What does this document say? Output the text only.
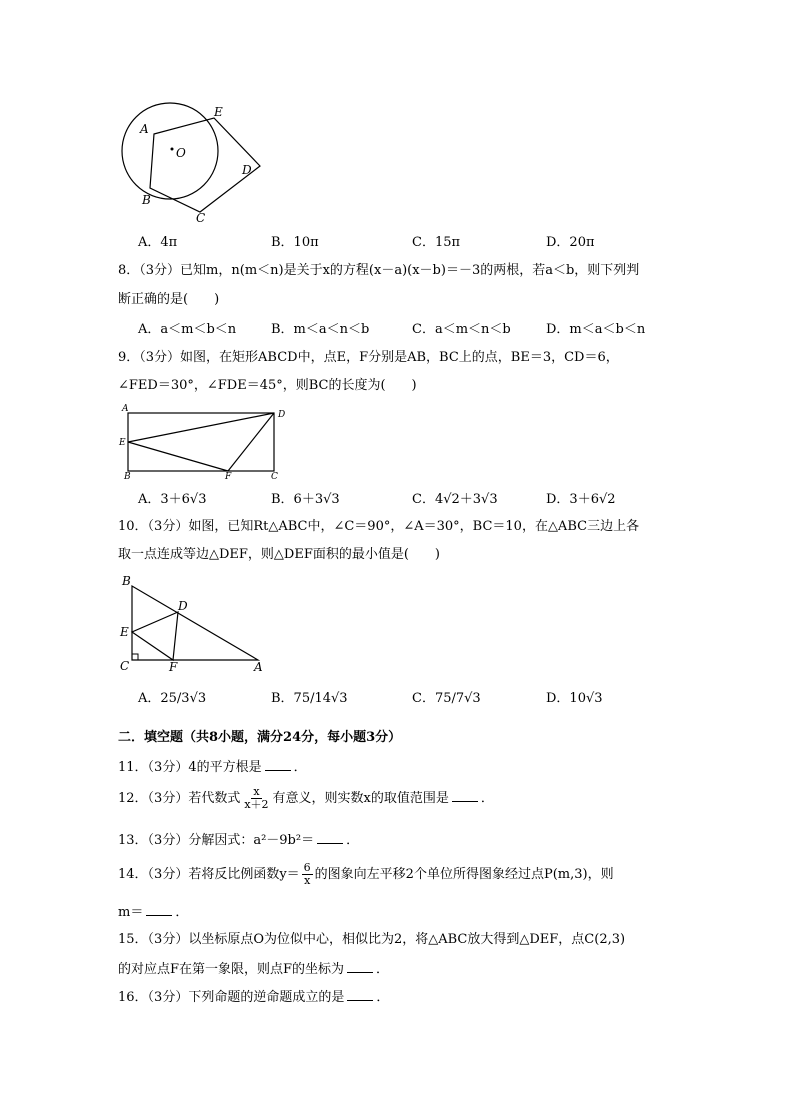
A
E
O
D
B
C
A．4π	B．10π	C．15π	D．20π
8．（3分）已知m，n(m＜n)是关于x的方程(x－a)(x－b)＝－3的两根，若a＜b，则下列判
断正确的是(　　)
A．a＜m＜b＜n	B．m＜a＜n＜b	C．a＜m＜n＜b	D．m＜a＜b＜n
9．（3分）如图，在矩形ABCD中，点E，F分别是AB，BC上的点，BE＝3，CD＝6，
∠FED＝30°，∠FDE＝45°，则BC的长度为(　　)
A
D
E
B	F	C
A．3＋6√3	B．6＋3√3	C．4√2＋3√3	D．3＋6√2
10．（3分）如图，已知Rt△ABC中，∠C＝90°，∠A＝30°，BC＝10，在△ABC三边上各
取一点连成等边△DEF，则△DEF面积的最小值是(　　)
B
D
E
C	F	A
A．25/3√3	B．75/14√3	C．75/7√3	D．10√3
二．填空题（共8小题，满分24分，每小题3分）
11．（3分）4的平方根是 ．
12．（3分）若代数式 $\frac{x}{x+2}$ 有意义，则实数x的取值范围是 ．
13．（3分）分解因式：a²－9b²＝ ．
14．（3分）若将反比例函数$y= \frac{6}{x}$ 的图象向左平移2个单位所得图象经过点P(m,3)，则
m＝ ．
15．（3分）以坐标原点O为位似中心，相似比为2，将△ABC放大得到△DEF，点C(2,3)
的对应点F在第一象限，则点F的坐标为 ．
16．（3分）下列命题的逆命题成立的是 ．
